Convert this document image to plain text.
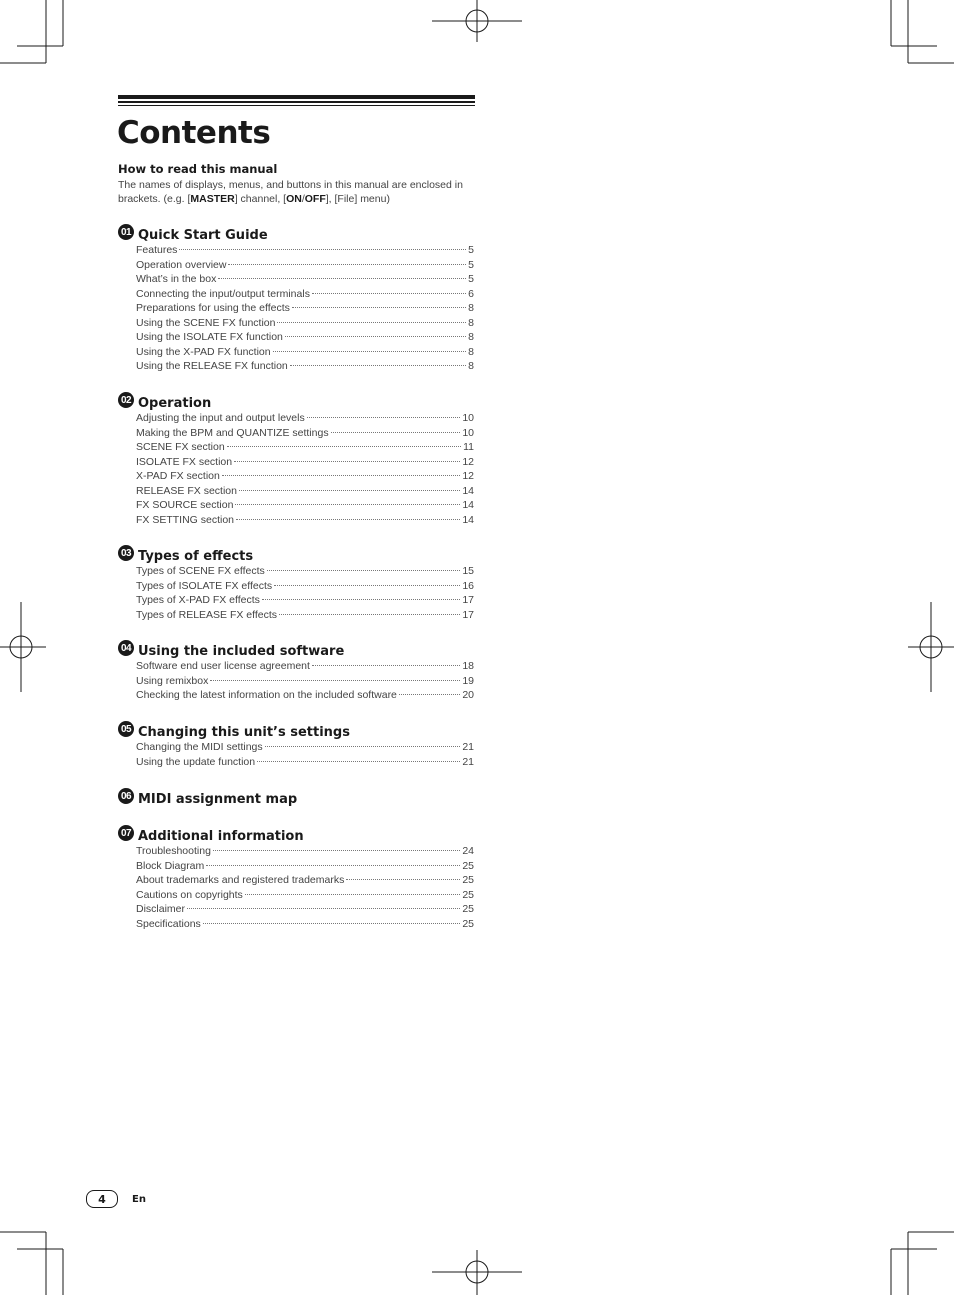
Contents
How to read this manual
The names of displays, menus, and buttons in this manual are enclosed in brackets. (e.g. [MASTER] channel, [ON/OFF], [File] menu)
01 Quick Start Guide
Features	5
Operation overview	5
What’s in the box	5
Connecting the input/output terminals	6
Preparations for using the effects	8
Using the SCENE FX function	8
Using the ISOLATE FX function	8
Using the X-PAD FX function	8
Using the RELEASE FX function	8
02 Operation
Adjusting the input and output levels	10
Making the BPM and QUANTIZE settings	10
SCENE FX section	11
ISOLATE FX section	12
X-PAD FX section	12
RELEASE FX section	14
FX SOURCE section	14
FX SETTING section	14
03 Types of effects
Types of SCENE FX effects	15
Types of ISOLATE FX effects	16
Types of X-PAD FX effects	17
Types of RELEASE FX effects	17
04 Using the included software
Software end user license agreement	18
Using remixbox	19
Checking the latest information on the included software	20
05 Changing this unit’s settings
Changing the MIDI settings	21
Using the update function	21
06 MIDI assignment map
07 Additional information
Troubleshooting	24
Block Diagram	25
About trademarks and registered trademarks	25
Cautions on copyrights	25
Disclaimer	25
Specifications	25
4	En
